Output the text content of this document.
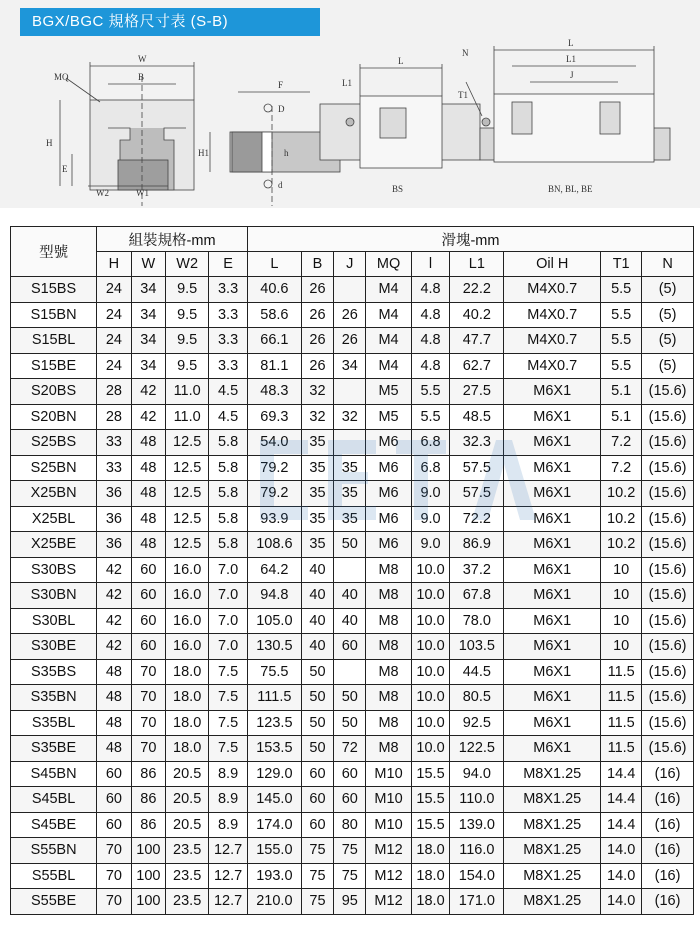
BGX/BGC 規格尺寸表 (S-B)
MQ
W
B
H
E
W2	W1
F
D
H1	h
d
L1
L
T1
N
L
L1
J
BS	BN, BL, BE
型號	組裝規格-mm				滑塊-mm								
	H	W	W2	E	L	B	J	MQ	l	L1	Oil H	T1	N
S15BS	24	34	9.5	3.3	40.6	26		M4	4.8	22.2	M4X0.7	5.5	(5)
S15BN	24	34	9.5	3.3	58.6	26	26	M4	4.8	40.2	M4X0.7	5.5	(5)
S15BL	24	34	9.5	3.3	66.1	26	26	M4	4.8	47.7	M4X0.7	5.5	(5)
S15BE	24	34	9.5	3.3	81.1	26	34	M4	4.8	62.7	M4X0.7	5.5	(5)
S20BS	28	42	11.0	4.5	48.3	32		M5	5.5	27.5	M6X1	5.1	(15.6)
S20BN	28	42	11.0	4.5	69.3	32	32	M5	5.5	48.5	M6X1	5.1	(15.6)
S25BS	33	48	12.5	5.8	54.0	35		M6	6.8	32.3	M6X1	7.2	(15.6)
S25BN	33	48	12.5	5.8	79.2	35	35	M6	6.8	57.5	M6X1	7.2	(15.6)
X25BN	36	48	12.5	5.8	79.2	35	35	M6	9.0	57.5	M6X1	10.2	(15.6)
X25BL	36	48	12.5	5.8	93.9	35	35	M6	9.0	72.2	M6X1	10.2	(15.6)
X25BE	36	48	12.5	5.8	108.6	35	50	M6	9.0	86.9	M6X1	10.2	(15.6)
S30BS	42	60	16.0	7.0	64.2	40		M8	10.0	37.2	M6X1	10	(15.6)
S30BN	42	60	16.0	7.0	94.8	40	40	M8	10.0	67.8	M6X1	10	(15.6)
S30BL	42	60	16.0	7.0	105.0	40	40	M8	10.0	78.0	M6X1	10	(15.6)
S30BE	42	60	16.0	7.0	130.5	40	60	M8	10.0	103.5	M6X1	10	(15.6)
S35BS	48	70	18.0	7.5	75.5	50		M8	10.0	44.5	M6X1	11.5	(15.6)
S35BN	48	70	18.0	7.5	111.5	50	50	M8	10.0	80.5	M6X1	11.5	(15.6)
S35BL	48	70	18.0	7.5	123.5	50	50	M8	10.0	92.5	M6X1	11.5	(15.6)
S35BE	48	70	18.0	7.5	153.5	50	72	M8	10.0	122.5	M6X1	11.5	(15.6)
S45BN	60	86	20.5	8.9	129.0	60	60	M10	15.5	94.0	M8X1.25	14.4	(16)
S45BL	60	86	20.5	8.9	145.0	60	60	M10	15.5	110.0	M8X1.25	14.4	(16)
S45BE	60	86	20.5	8.9	174.0	60	80	M10	15.5	139.0	M8X1.25	14.4	(16)
S55BN	70	100	23.5	12.7	155.0	75	75	M12	18.0	116.0	M8X1.25	14.0	(16)
S55BL	70	100	23.5	12.7	193.0	75	75	M12	18.0	154.0	M8X1.25	14.0	(16)
S55BE	70	100	23.5	12.7	210.0	75	95	M12	18.0	171.0	M8X1.25	14.0	(16)
